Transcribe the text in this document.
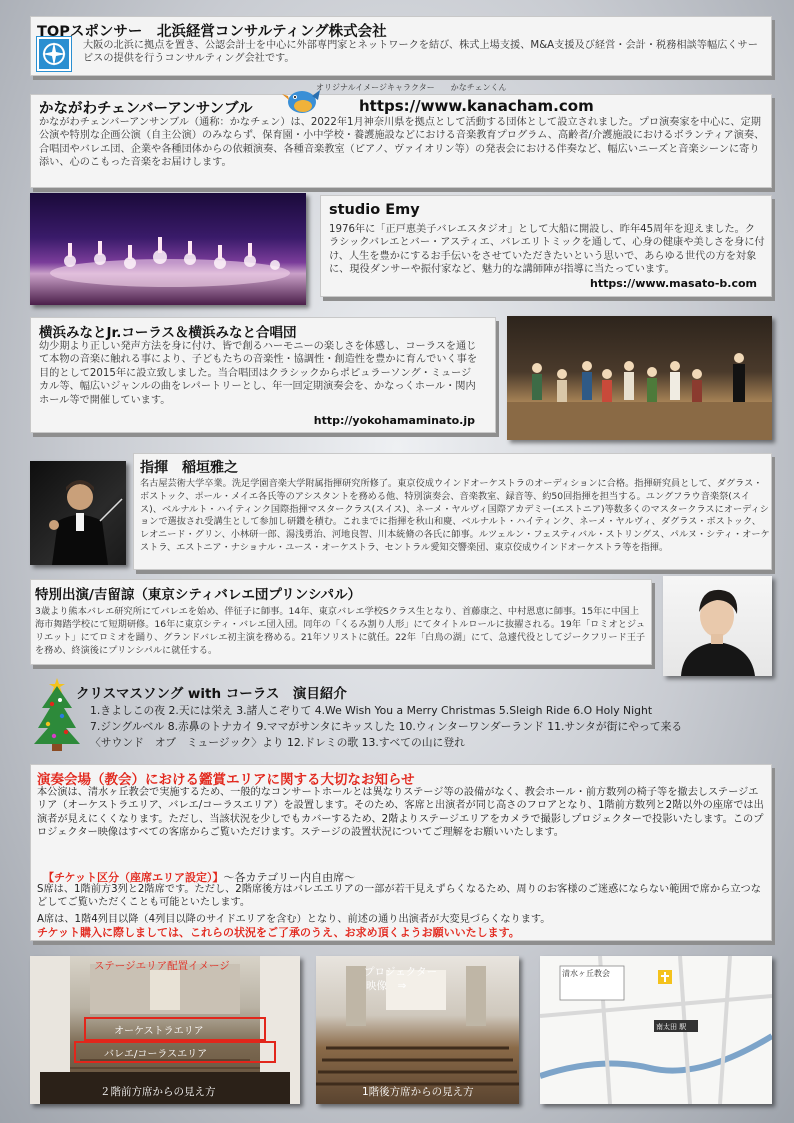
TOPスポンサー　北浜経営コンサルティング株式会社
大阪の北浜に拠点を置き、公認会計士を中心に外部専門家とネットワークを結び、株式上場支援、M&A支援及び経営・会計・税務相談等幅広くサービスの提供を行うコンサルティング会社です。
かながわチェンバーアンサンブル	https://www.kanacham.com
かながわチェンバーアンサンブル（通称：かなチェン）は、2022年1月神奈川県を拠点として活動する団体として設立されました。プロ演奏家を中心に、定期公演や特別な企画公演（自主公演）のみならず、保育園・小中学校・養護施設などにおける音楽教育プログラム、高齢者/介護施設におけるボランティア演奏、合唱団やバレエ団、企業や各種団体からの依頼演奏、各種音楽教室（ピアノ、ヴァイオリン等）の発表会における伴奏など、幅広いニーズと音楽シーンに寄り添い、心のこもった音楽をお届けします。
オリジナルイメージキャラクター　　かなチェンくん
studio Emy
1976年に「正戸恵美子バレエスタジオ」として大船に開設し、昨年45周年を迎えました。クラシックバレエとバー・アスティエ、バレエリトミックを通して、心身の健康や美しさを身に付け、人生を豊かにするお手伝いをさせていただきたいという思いで、あらゆる世代の方を対象に、現役ダンサーや振付家など、魅力的な講師陣が指導に当たっています。
https://www.masato-b.com
横浜みなとJr.コーラス＆横浜みなと合唱団
幼少期より正しい発声方法を身に付け、皆で創るハーモニーの楽しさを体感し、コーラスを通じて本物の音楽に触れる事により、子どもたちの音楽性・協調性・創造性を豊かに育んでいく事を目的として2015年に設立致しました。当合唱団はクラシックからポピュラーソング・ミュージカル等、幅広いジャンルの曲をレパートリーとし、年一回定期演奏会を、かなっくホール・関内ホール等で開催しています。
http://yokohamaminato.jp
指揮　稲垣雅之
名古屋芸術大学卒業。洗足学園音楽大学附属指揮研究所修了。東京佼成ウインドオーケストラのオーディションに合格。指揮研究員として、ダグラス・ボストック、ポール・メイエ各氏等のアシスタントを務める他、特別演奏会、音楽教室、録音等、約50回指揮を担当する。ユングフラウ音楽祭(スイス)、ベルナルト・ハイティンク国際指揮マスタークラス(スイス)、ネーメ・ヤルヴィ国際アカデミー(エストニア)等数多くのマスタークラスにオーディションで選抜され受講生として参加し研鑽を積む。これまでに指揮を秋山和慶、ベルナルト・ハイティンク、ネーメ・ヤルヴィ、ダグラス・ボストック、レオニード・グリン、小林研一郎、湯浅勇治、河地良智、川本統脩の各氏に師事。ルツェルン・フェスティバル・ストリングス、パルヌ・シティ・オーケストラ、エストニア・ナショナル・ユース・オーケストラ、セントラル愛知交響楽団、東京佼成ウインドオーケストラ等を指揮。
特別出演/吉留諒（東京シティバレエ団プリンシパル）
3歳より熊本バレエ研究所にてバレエを始め、伴征子に師事。14年、東京バレエ学校Sクラス生となり、首藤康之、中村恩恵に師事。15年に中国上海市舞踏学校にて短期研修。16年に東京シティ・バレエ団入団。同年の「くるみ割り人形」にてタイトルロールに抜擢される。19年「ロミオとジュリエット」にてロミオを踊り、グランドバレエ初主演を務める。21年ソリストに就任。22年「白鳥の湖」にて、急遽代役としてジークフリード王子を務め、終演後にプリンシパルに就任する。
クリスマスソング with コーラス　演目紹介
1.きよしこの夜 2.天には栄え 3.諸人こぞりて 4.We Wish You a Merry Christmas 5.Sleigh Ride 6.O Holy Night
7.ジングルベル 8.赤鼻のトナカイ 9.ママがサンタにキッスした 10.ウィンターワンダーランド 11.サンタが街にやって来る
〈サウンド　オブ　ミュージック〉より 12.ドレミの歌 13.すべての山に登れ
演奏会場（教会）における鑑賞エリアに関する大切なお知らせ
本公演は、清水ヶ丘教会で実施するため、一般的なコンサートホールとは異なりステージ等の設備がなく、教会ホール・前方数列の椅子等を撤去しステージエリア（オーケストラエリア、バレエ/コーラスエリア）を設置します。そのため、客席と出演者が同じ高さのフロアとなり、1階前方数列と2階以外の座席では出演者が見えにくくなります。ただし、当該状況を少しでもカバーするため、2階よりステージエリアをカメラで撮影しプロジェクターで投影いたします。このプロジェクター映像はすべての客席からご覧いただけます。ステージの設置状況についてご理解をお願いいたします。
【チケット区分（座席エリア設定）】～各カテゴリー内自由席～
S席は、1階前方3列と2階席です。ただし、2階席後方はバレエエリアの一部が若干見えずらくなるため、周りのお客様のご迷惑にならない範囲で席から立つなどしてご覧いただくことも可能といたします。
A席は、1階4列目以降（4列目以降のサイドエリアを含む）となり、前述の通り出演者が大変見づらくなります。
チケット購入に際しましては、これらの状況をご了承のうえ、お求め頂くようお願いいたします。
ステージエリア配置イメージ
オーケストラエリア
バレエ/コーラスエリア
２階前方席からの見え方
プロジェクター
映像　⇒
1階後方席からの見え方
清水ヶ丘教会
南太田 駅
